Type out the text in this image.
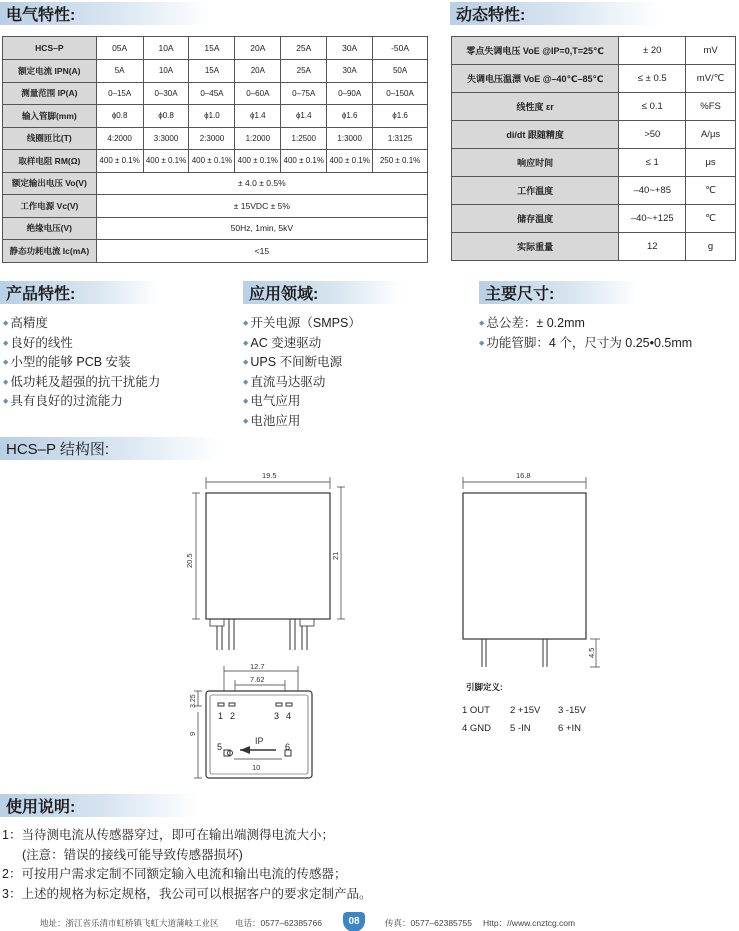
电气特性:	动态特性:
HCS–P	05A	10A	15A	20A	25A	30A	-50A
额定电流 IPN(A)	5A	10A	15A	20A	25A	30A	50A
测量范围 IP(A)	0–15A	0–30A	0–45A	0–60A	0–75A	0–90A	0–150A
输入管脚(mm)	ϕ0.8	ϕ0.8	ϕ1.0	ϕ1.4	ϕ1.4	ϕ1.6	ϕ1.6
线圈匝比(T)	4:2000	3:3000	2:3000	1:2000	1:2500	1:3000	1:3125
取样电阻 RM(Ω)	400 ± 0.1%	400 ± 0.1%	400 ± 0.1%	400 ± 0.1%	400 ± 0.1%	400 ± 0.1%	250 ± 0.1%
额定输出电压 Vo(V)	± 4.0 ± 0.5%						
工作电源 Vc(V)	± 15VDC ± 5%						
绝缘电压(V)	50Hz, 1min, 5kV						
静态功耗电流 Ic(mA)	<15						
零点失调电压 VoE @IP=0,T=25℃	± 20	mV
失调电压温漂 VoE @–40℃–85℃	≤ ± 0.5	mV/℃
线性度 εr	≤ 0.1	%FS
di/dt 跟随精度	>50	A/μs
响应时间	≤ 1	μs
工作温度	–40~+85	℃
储存温度	–40~+125	℃
实际重量	12	g
产品特性:	应用领域:	主要尺寸:
◆ 高精度
◆ 良好的线性
◆ 小型的能够 PCB 安装
◆ 低功耗及超强的抗干扰能力
◆ 具有良好的过流能力
◆ 开关电源（SMPS）
◆ AC 变速驱动
◆ UPS 不间断电源
◆ 直流马达驱动
◆ 电气应用
◆ 电池应用
◆ 总公差：± 0.2mm
◆ 功能管脚：4 个，尺寸为 0.25•0.5mm
HCS–P 结构图:
19.5
20.5	21
16.8
4.5
12.7
7.62
3.25
9
10
IP
1 2	3 4
5	6
引脚定义:
1 OUT 2 +15V 3 -15V
4 GND 5 -IN	6 +IN
使用说明:
1：当待测电流从传感器穿过，即可在输出端测得电流大小；
(注意：错误的接线可能导致传感器损坏)
2：可按用户需求定制不同额定输入电流和输出电流的传感器；
3：上述的规格为标定规格，我公司可以根据客户的要求定制产品。
地址：浙江省乐清市虹桥镇飞虹大道蒲岐工业区 电话：0577–62385766	传真：0577–62385755 Http：//www.cnztcg.com
08
